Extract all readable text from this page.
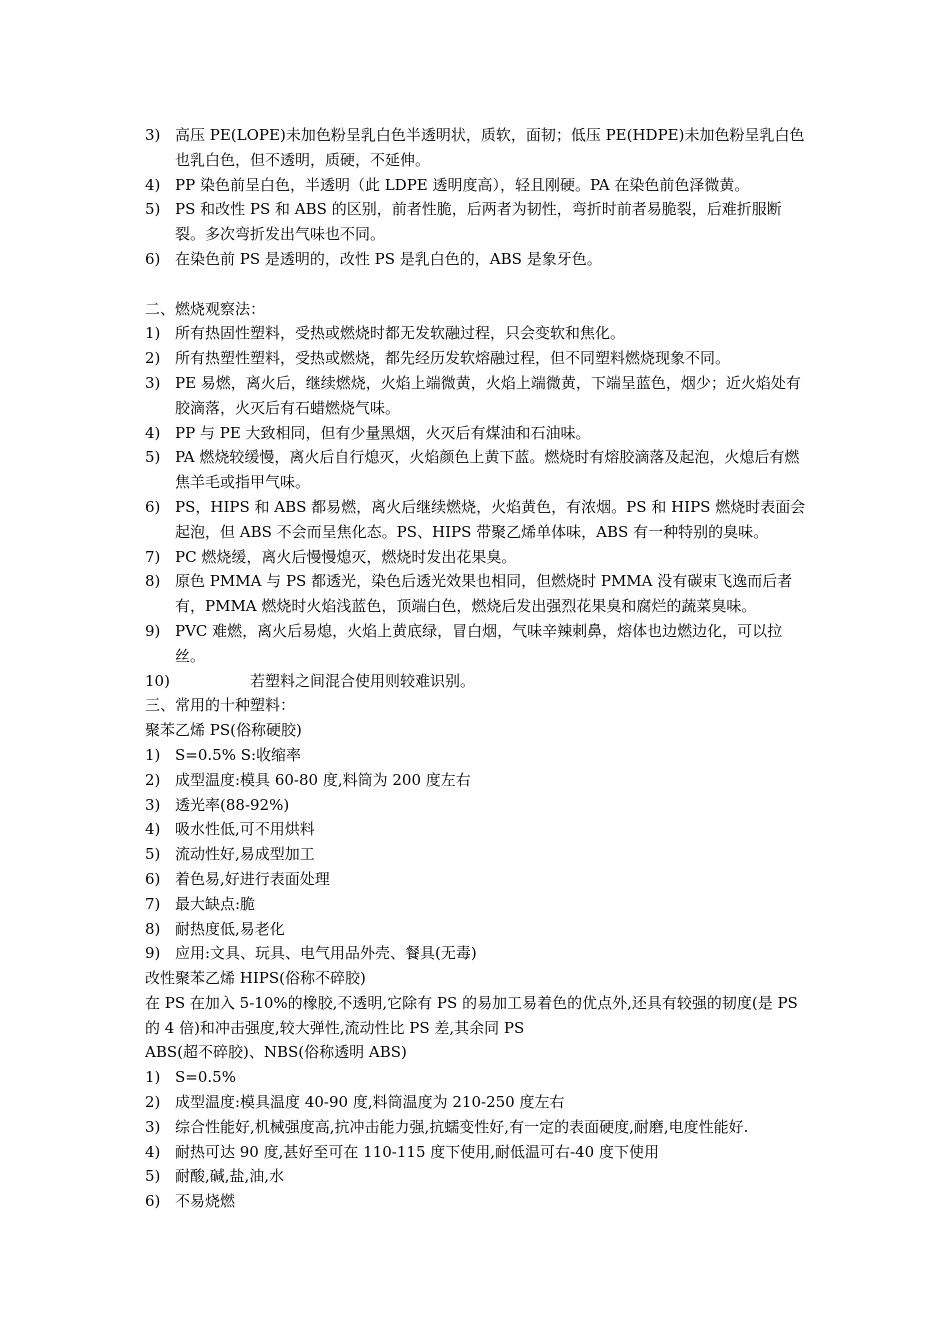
3) 高压 PE(LOPE)未加色粉呈乳白色半透明状，质软，面韧；低压 PE(HDPE)未加色粉呈乳白色也乳白色，但不透明，质硬，不延伸。
4) PP 染色前呈白色，半透明（此 LDPE 透明度高），轻且刚硬。PA 在染色前色泽微黄。
5) PS 和改性 PS 和 ABS 的区别，前者性脆，后两者为韧性，弯折时前者易脆裂，后难折服断裂。多次弯折发出气味也不同。
6) 在染色前 PS 是透明的，改性 PS 是乳白色的，ABS 是象牙色。
二、燃烧观察法：
1) 所有热固性塑料，受热或燃烧时都无发软融过程，只会变软和焦化。
2) 所有热塑性塑料，受热或燃烧，都先经历发软熔融过程，但不同塑料燃烧现象不同。
3) PE 易燃，离火后，继续燃烧，火焰上端微黄，火焰上端微黄，下端呈蓝色，烟少；近火焰处有胶滴落，火灭后有石蜡燃烧气味。
4) PP 与 PE 大致相同，但有少量黑烟，火灭后有煤油和石油味。
5) PA 燃烧较缓慢，离火后自行熄灭，火焰颜色上黄下蓝。燃烧时有熔胶滴落及起泡，火熄后有燃焦羊毛或指甲气味。
6) PS，HIPS 和 ABS 都易燃，离火后继续燃烧，火焰黄色，有浓烟。PS 和 HIPS 燃烧时表面会起泡，但 ABS 不会而呈焦化态。PS、HIPS 带聚乙烯单体味，ABS 有一种特别的臭味。
7) PC 燃烧缓，离火后慢慢熄灭，燃烧时发出花果臭。
8) 原色 PMMA 与 PS 都透光，染色后透光效果也相同，但燃烧时 PMMA 没有碳束飞逸而后者有，PMMA 燃烧时火焰浅蓝色，顶端白色，燃烧后发出强烈花果臭和腐烂的蔬菜臭味。
9) PVC 难燃，离火后易熄，火焰上黄底绿，冒白烟，气味辛辣刺鼻，熔体也边燃边化，可以拉丝。
10)	若塑料之间混合使用则较难识别。
三、常用的十种塑料：
聚苯乙烯 PS(俗称硬胶)
1) S=0.5% S:收缩率
2) 成型温度:模具 60-80 度,料筒为 200 度左右
3) 透光率(88-92%)
4) 吸水性低,可不用烘料
5) 流动性好,易成型加工
6) 着色易,好进行表面处理
7) 最大缺点:脆
8) 耐热度低,易老化
9) 应用:文具、玩具、电气用品外壳、餐具(无毒)
改性聚苯乙烯 HIPS(俗称不碎胶)
在 PS 在加入 5-10%的橡胶,不透明,它除有 PS 的易加工易着色的优点外,还具有较强的韧度(是 PS 的 4 倍)和冲击强度,较大弹性,流动性比 PS 差,其余同 PS
ABS(超不碎胶)、NBS(俗称透明 ABS)
1) S=0.5%
2) 成型温度:模具温度 40-90 度,料筒温度为 210-250 度左右
3) 综合性能好,机械强度高,抗冲击能力强,抗蠕变性好,有一定的表面硬度,耐磨,电度性能好.
4) 耐热可达 90 度,甚好至可在 110-115 度下使用,耐低温可右-40 度下使用
5) 耐酸,碱,盐,油,水
6) 不易烧燃
